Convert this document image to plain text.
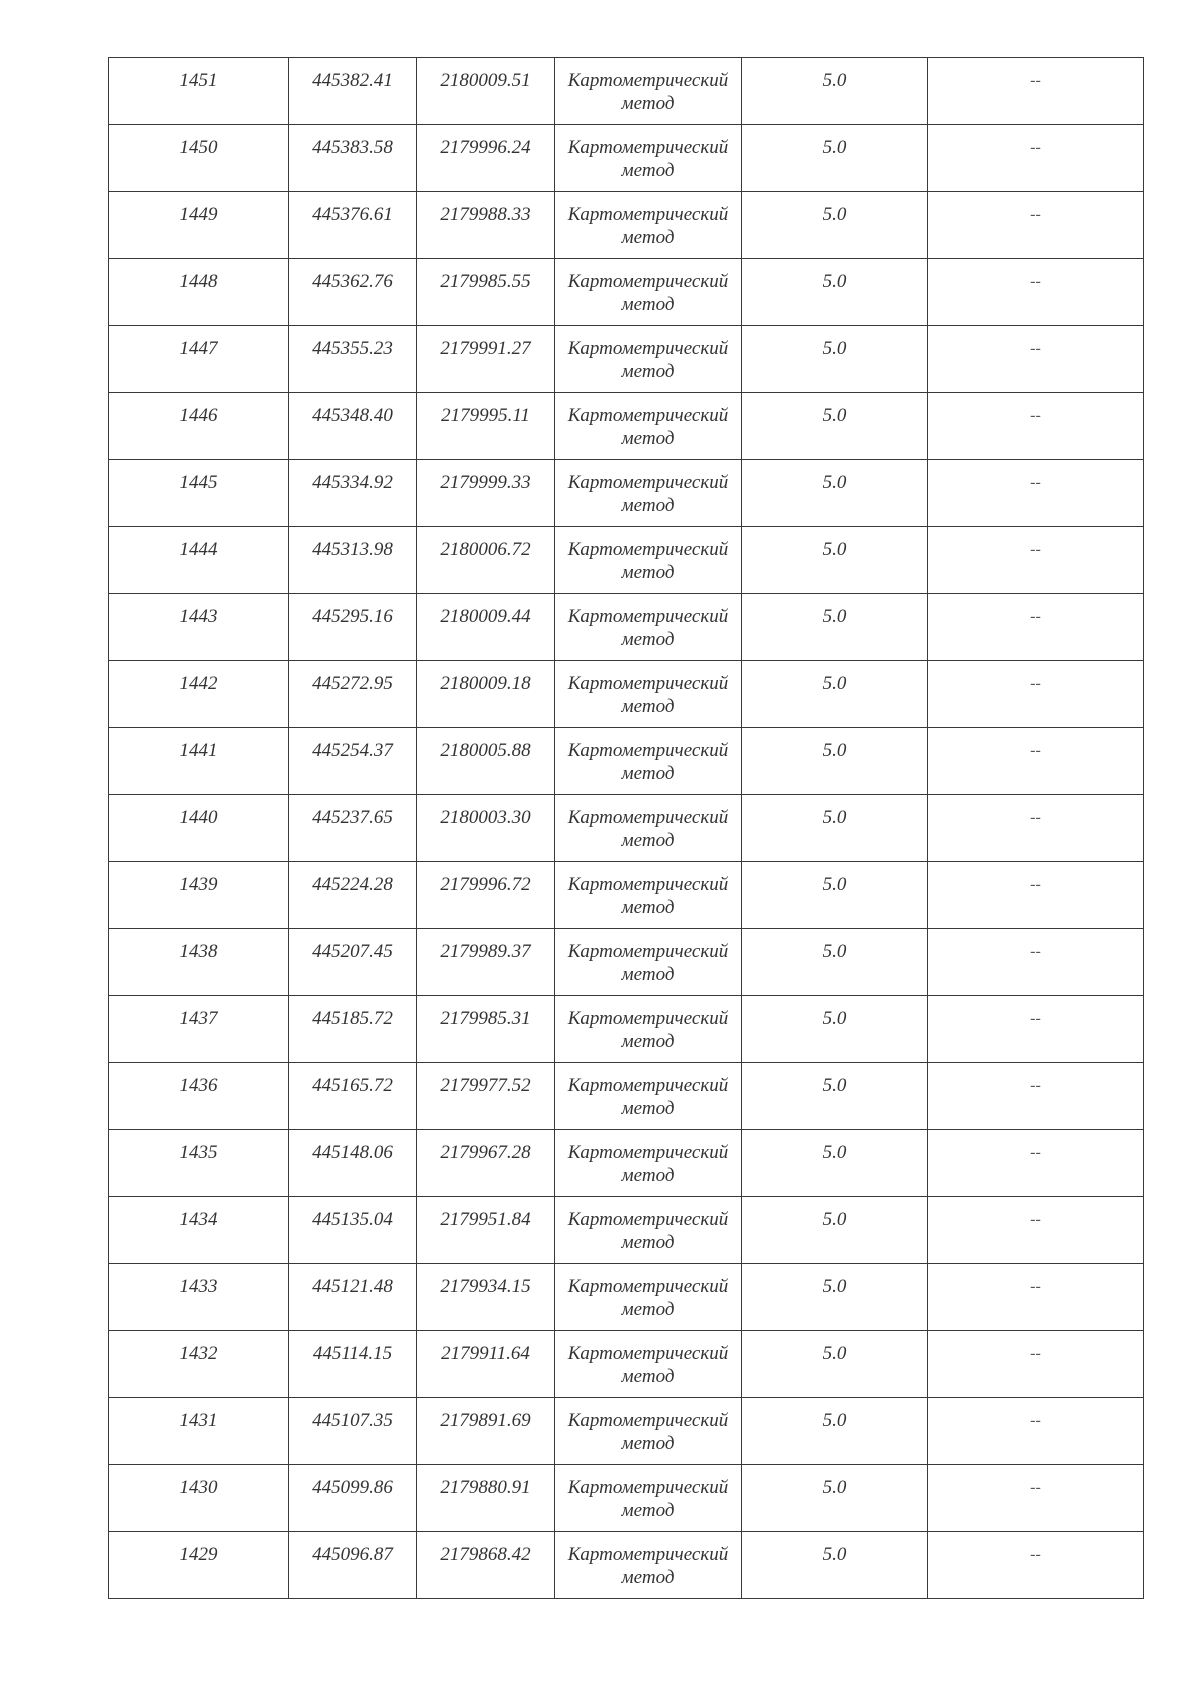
1451	445382.41	2180009.51	Картометрический метод	5.0	--

1450	445383.58	2179996.24	Картометрический метод	5.0	--

1449	445376.61	2179988.33	Картометрический метод	5.0	--

1448	445362.76	2179985.55	Картометрический метод	5.0	--

1447	445355.23	2179991.27	Картометрический метод	5.0	--

1446	445348.40	2179995.11	Картометрический метод	5.0	--

1445	445334.92	2179999.33	Картометрический метод	5.0	--

1444	445313.98	2180006.72	Картометрический метод	5.0	--

1443	445295.16	2180009.44	Картометрический метод	5.0	--

1442	445272.95	2180009.18	Картометрический метод	5.0	--

1441	445254.37	2180005.88	Картометрический метод	5.0	--

1440	445237.65	2180003.30	Картометрический метод	5.0	--

1439	445224.28	2179996.72	Картометрический метод	5.0	--

1438	445207.45	2179989.37	Картометрический метод	5.0	--

1437	445185.72	2179985.31	Картометрический метод	5.0	--

1436	445165.72	2179977.52	Картометрический метод	5.0	--

1435	445148.06	2179967.28	Картометрический метод	5.0	--

1434	445135.04	2179951.84	Картометрический метод	5.0	--

1433	445121.48	2179934.15	Картометрический метод	5.0	--

1432	445114.15	2179911.64	Картометрический метод	5.0	--

1431	445107.35	2179891.69	Картометрический метод	5.0	--

1430	445099.86	2179880.91	Картометрический метод	5.0	--

1429	445096.87	2179868.42	Картометрический метод	5.0	--
